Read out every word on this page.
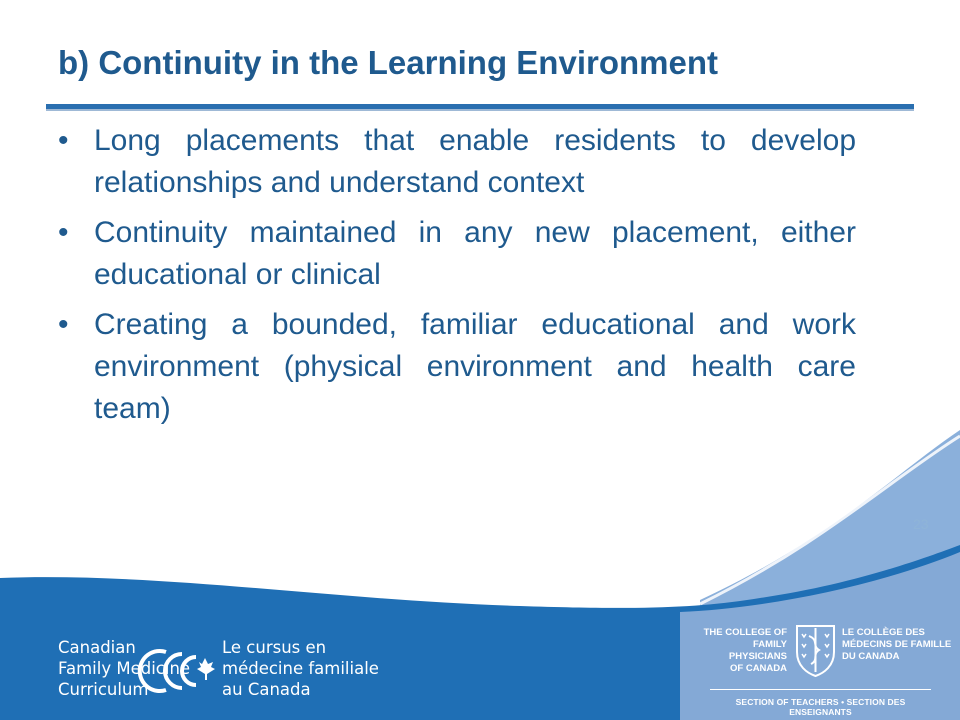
b) Continuity in the Learning Environment
• Long placements that enable residents to develop relationships and understand context
• Continuity maintained in any new placement, either educational or clinical
• Creating a bounded, familiar educational and work environment (physical environment and health care team)
23
Canadian
Family Medicine
Curriculum
CCC	Le cursus en
médecine familiale
au Canada
THE COLLEGE OF
FAMILY PHYSICIANS
OF CANADA
LE COLLÈGE DES
MÉDECINS DE FAMILLE
DU CANADA
SECTION OF TEACHERS • SECTION DES ENSEIGNANTS
